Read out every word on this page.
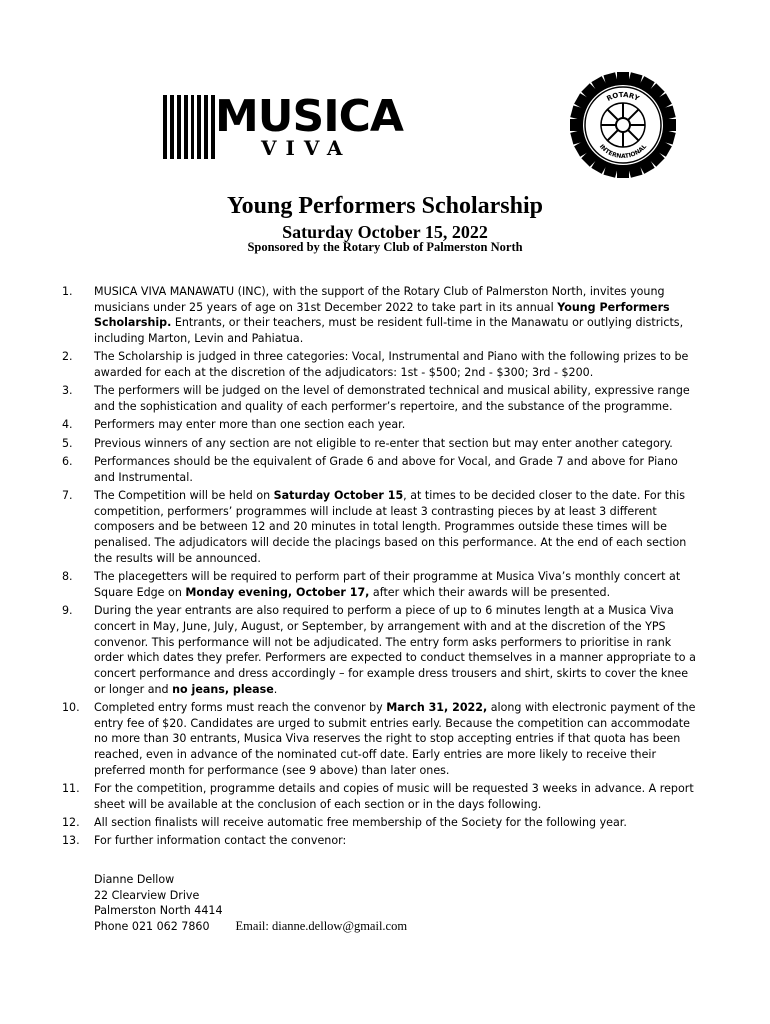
MUSICA
VIVA
ROTARY
INTERNATIONAL
Young Performers Scholarship
Saturday October 15, 2022
Sponsored by the Rotary Club of Palmerston North
1.	MUSICA VIVA MANAWATU (INC), with the support of the Rotary Club of Palmerston North, invites young musicians under 25 years of age on 31st December 2022 to take part in its annual Young Performers Scholarship. Entrants, or their teachers, must be resident full-time in the Manawatu or outlying districts, including Marton, Levin and Pahiatua.
2.	The Scholarship is judged in three categories: Vocal, Instrumental and Piano with the following prizes to be awarded for each at the discretion of the adjudicators: 1st - $500; 2nd - $300; 3rd - $200.
3.	The performers will be judged on the level of demonstrated technical and musical ability, expressive range and the sophistication and quality of each performer’s repertoire, and the substance of the programme.
4.	Performers may enter more than one section each year.
5.	Previous winners of any section are not eligible to re-enter that section but may enter another category.
6.	Performances should be the equivalent of Grade 6 and above for Vocal, and Grade 7 and above for Piano and Instrumental.
7.	The Competition will be held on Saturday October 15, at times to be decided closer to the date. For this competition, performers’ programmes will include at least 3 contrasting pieces by at least 3 different composers and be between 12 and 20 minutes in total length. Programmes outside these times will be penalised. The adjudicators will decide the placings based on this performance. At the end of each section the results will be announced.
8.	The placegetters will be required to perform part of their programme at Musica Viva’s monthly concert at Square Edge on Monday evening, October 17, after which their awards will be presented.
9.	During the year entrants are also required to perform a piece of up to 6 minutes length at a Musica Viva concert in May, June, July, August, or September, by arrangement with and at the discretion of the YPS convenor. This performance will not be adjudicated. The entry form asks performers to prioritise in rank order which dates they prefer. Performers are expected to conduct themselves in a manner appropriate to a concert performance and dress accordingly – for example dress trousers and shirt, skirts to cover the knee or longer and no jeans, please.
10.	Completed entry forms must reach the convenor by March 31, 2022, along with electronic payment of the entry fee of $20. Candidates are urged to submit entries early. Because the competition can accommodate no more than 30 entrants, Musica Viva reserves the right to stop accepting entries if that quota has been reached, even in advance of the nominated cut-off date. Early entries are more likely to receive their preferred month for performance (see 9 above) than later ones.
11.	For the competition, programme details and copies of music will be requested 3 weeks in advance. A report sheet will be available at the conclusion of each section or in the days following.
12.	All section finalists will receive automatic free membership of the Society for the following year.
13.	For further information contact the convenor:
Dianne Dellow
22 Clearview Drive
Palmerston North 4414
Phone 021 062 7860 Email: dianne.dellow@gmail.com
